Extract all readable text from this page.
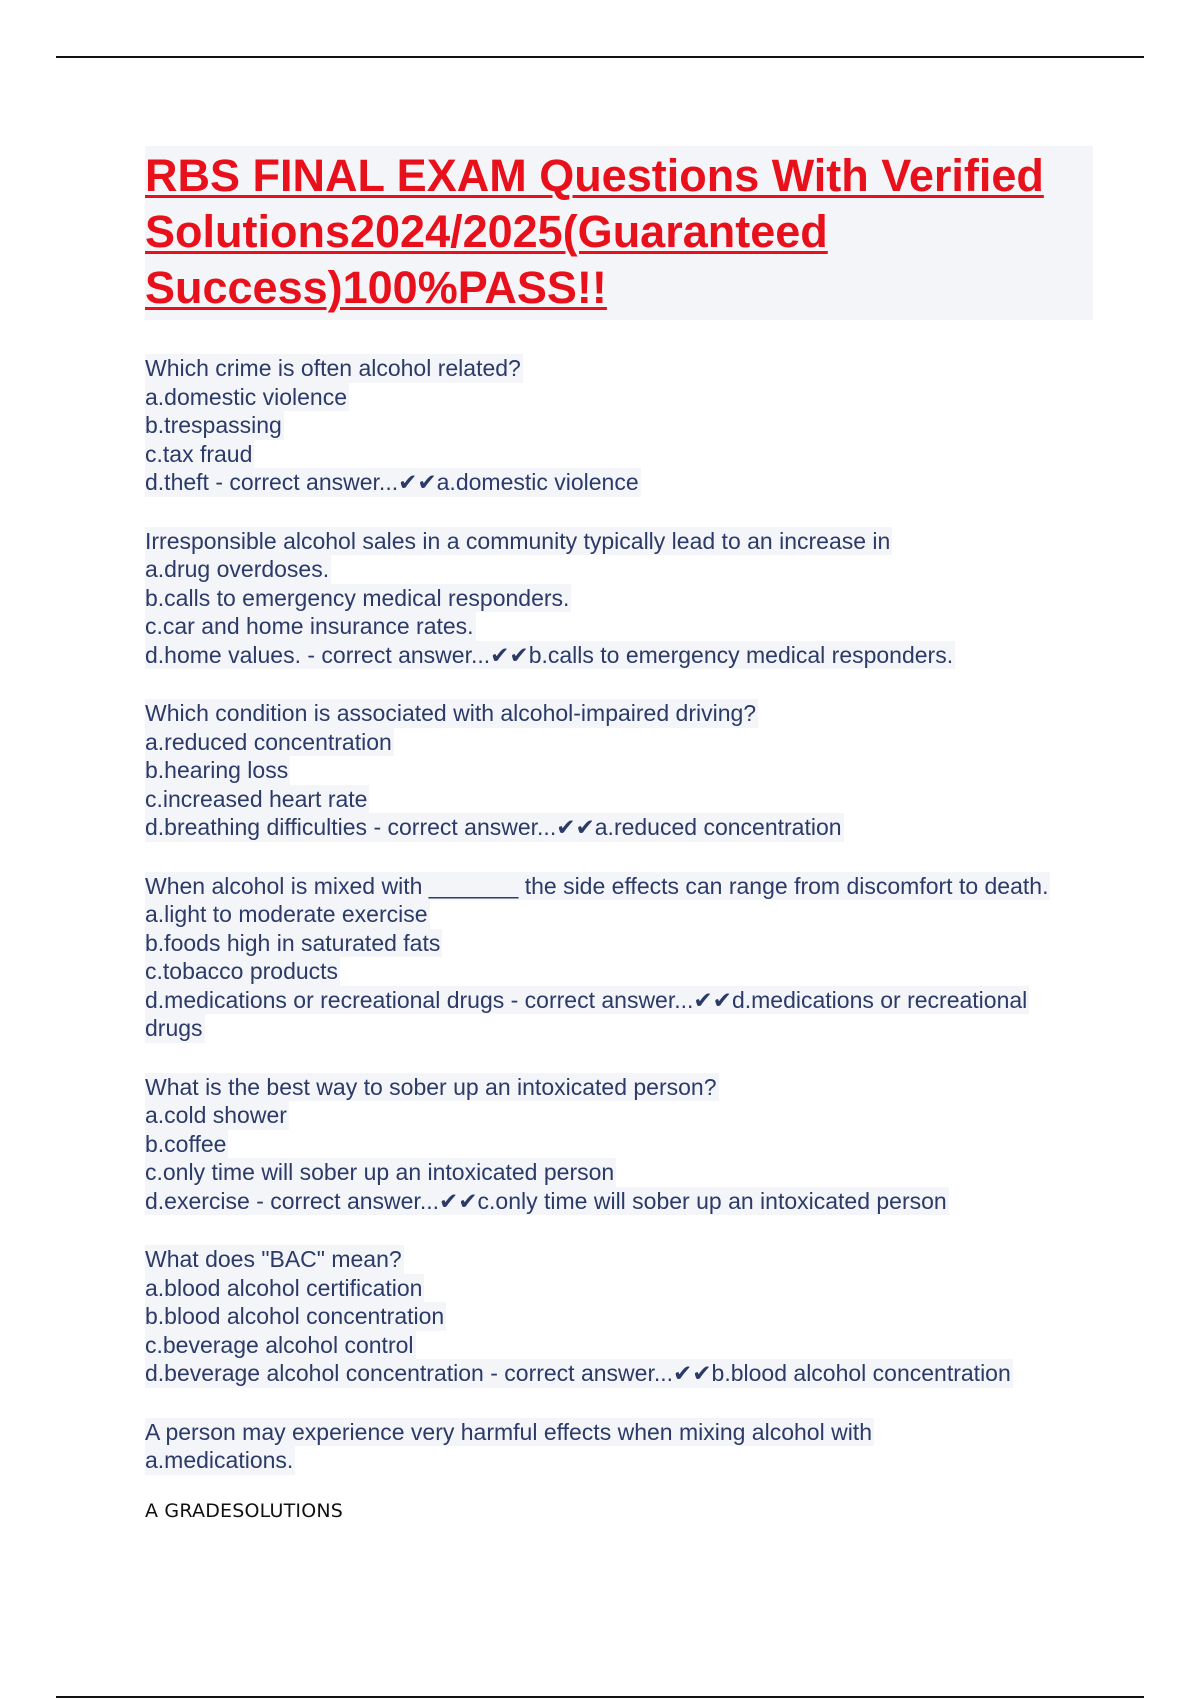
RBS FINAL EXAM Questions With Verified Solutions2024/2025(Guaranteed Success)100%PASS!!
Which crime is often alcohol related?
a.domestic violence
b.trespassing
c.tax fraud
d.theft - correct answer...✔✔a.domestic violence
Irresponsible alcohol sales in a community typically lead to an increase in
a.drug overdoses.
b.calls to emergency medical responders.
c.car and home insurance rates.
d.home values. - correct answer...✔✔b.calls to emergency medical responders.
Which condition is associated with alcohol-impaired driving?
a.reduced concentration
b.hearing loss
c.increased heart rate
d.breathing difficulties - correct answer...✔✔a.reduced concentration
When alcohol is mixed with _______ the side effects can range from discomfort to death.
a.light to moderate exercise
b.foods high in saturated fats
c.tobacco products
d.medications or recreational drugs - correct answer...✔✔d.medications or recreational
drugs
What is the best way to sober up an intoxicated person?
a.cold shower
b.coffee
c.only time will sober up an intoxicated person
d.exercise - correct answer...✔✔c.only time will sober up an intoxicated person
What does "BAC" mean?
a.blood alcohol certification
b.blood alcohol concentration
c.beverage alcohol control
d.beverage alcohol concentration - correct answer...✔✔b.blood alcohol concentration
A person may experience very harmful effects when mixing alcohol with
a.medications.
A GRADESOLUTIONS
